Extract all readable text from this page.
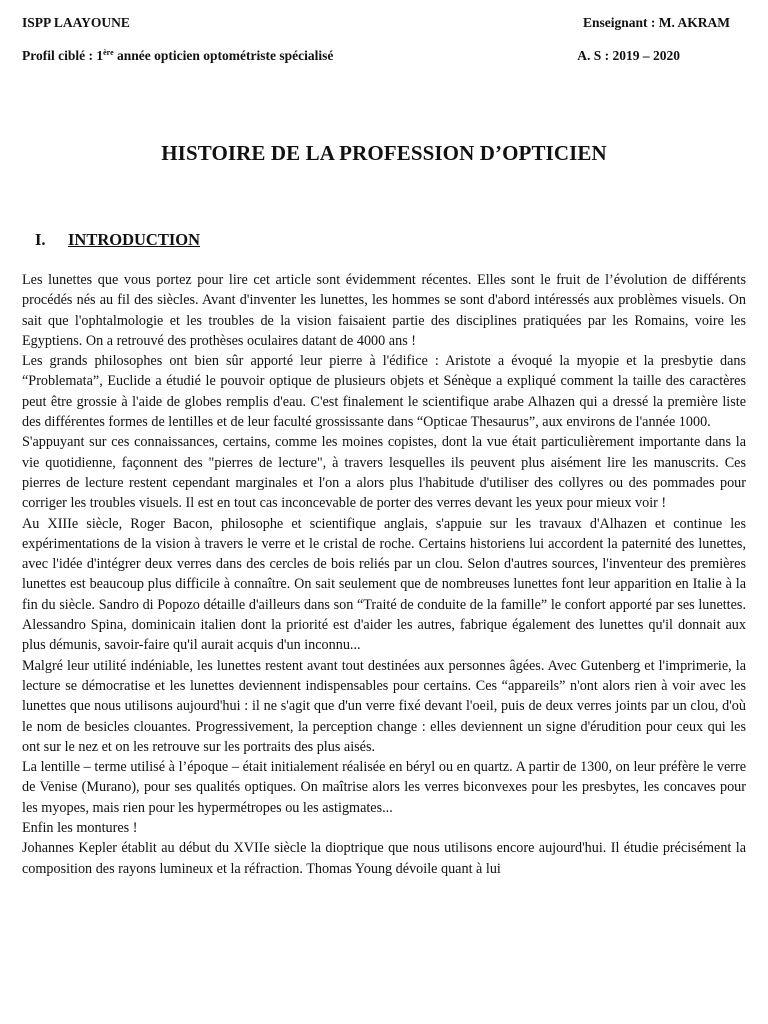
ISPP LAAYOUNE	Enseignant : M. AKRAM
Profil ciblé : 1ère année opticien optométriste spécialisé	A. S : 2019 – 2020
HISTOIRE DE LA PROFESSION D’OPTICIEN
I.	INTRODUCTION

Les lunettes que vous portez pour lire cet article sont évidemment récentes. Elles sont le fruit de l’évolution de différents procédés nés au fil des siècles. Avant d'inventer les lunettes, les hommes se sont d'abord intéressés aux problèmes visuels. On sait que l'ophtalmologie et les troubles de la vision faisaient partie des disciplines pratiquées par les Romains, voire les Egyptiens. On a retrouvé des prothèses oculaires datant de 4000 ans !

Les grands philosophes ont bien sûr apporté leur pierre à l'édifice : Aristote a évoqué la myopie et la presbytie dans “Problemata”, Euclide a étudié le pouvoir optique de plusieurs objets et Sénèque a expliqué comment la taille des caractères peut être grossie à l'aide de globes remplis d'eau. C'est finalement le scientifique arabe Alhazen qui a dressé la première liste des différentes formes de lentilles et de leur faculté grossissante dans “Opticae Thesaurus”, aux environs de l'année 1000.

S'appuyant sur ces connaissances, certains, comme les moines copistes, dont la vue était particulièrement importante dans la vie quotidienne, façonnent des "pierres de lecture", à travers lesquelles ils peuvent plus aisément lire les manuscrits. Ces pierres de lecture restent cependant marginales et l'on a alors plus l'habitude d'utiliser des collyres ou des pommades pour corriger les troubles visuels. Il est en tout cas inconcevable de porter des verres devant les yeux pour mieux voir !

Au XIIIe siècle, Roger Bacon, philosophe et scientifique anglais, s'appuie sur les travaux d'Alhazen et continue les expérimentations de la vision à travers le verre et le cristal de roche. Certains historiens lui accordent la paternité des lunettes, avec l'idée d'intégrer deux verres dans des cercles de bois reliés par un clou. Selon d'autres sources, l'inventeur des premières lunettes est beaucoup plus difficile à connaître. On sait seulement que de nombreuses lunettes font leur apparition en Italie à la fin du siècle. Sandro di Popozo détaille d'ailleurs dans son “Traité de conduite de la famille” le confort apporté par ses lunettes. Alessandro Spina, dominicain italien dont la priorité est d'aider les autres, fabrique également des lunettes qu'il donnait aux plus démunis, savoir-faire qu'il aurait acquis d'un inconnu...

Malgré leur utilité indéniable, les lunettes restent avant tout destinées aux personnes âgées. Avec Gutenberg et l'imprimerie, la lecture se démocratise et les lunettes deviennent indispensables pour certains. Ces “appareils” n'ont alors rien à voir avec les lunettes que nous utilisons aujourd'hui : il ne s'agit que d'un verre fixé devant l'oeil, puis de deux verres joints par un clou, d'où le nom de besicles clouantes. Progressivement, la perception change : elles deviennent un signe d'érudition pour ceux qui les ont sur le nez et on les retrouve sur les portraits des plus aisés.

La lentille – terme utilisé à l’époque – était initialement réalisée en béryl ou en quartz. A partir de 1300, on leur préfère le verre de Venise (Murano), pour ses qualités optiques. On maîtrise alors les verres biconvexes pour les presbytes, les concaves pour les myopes, mais rien pour les hypermétropes ou les astigmates...

Enfin les montures !

Johannes Kepler établit au début du XVIIe siècle la dioptrique que nous utilisons encore aujourd'hui. Il étudie précisément la composition des rayons lumineux et la réfraction. Thomas Young dévoile quant à lui
